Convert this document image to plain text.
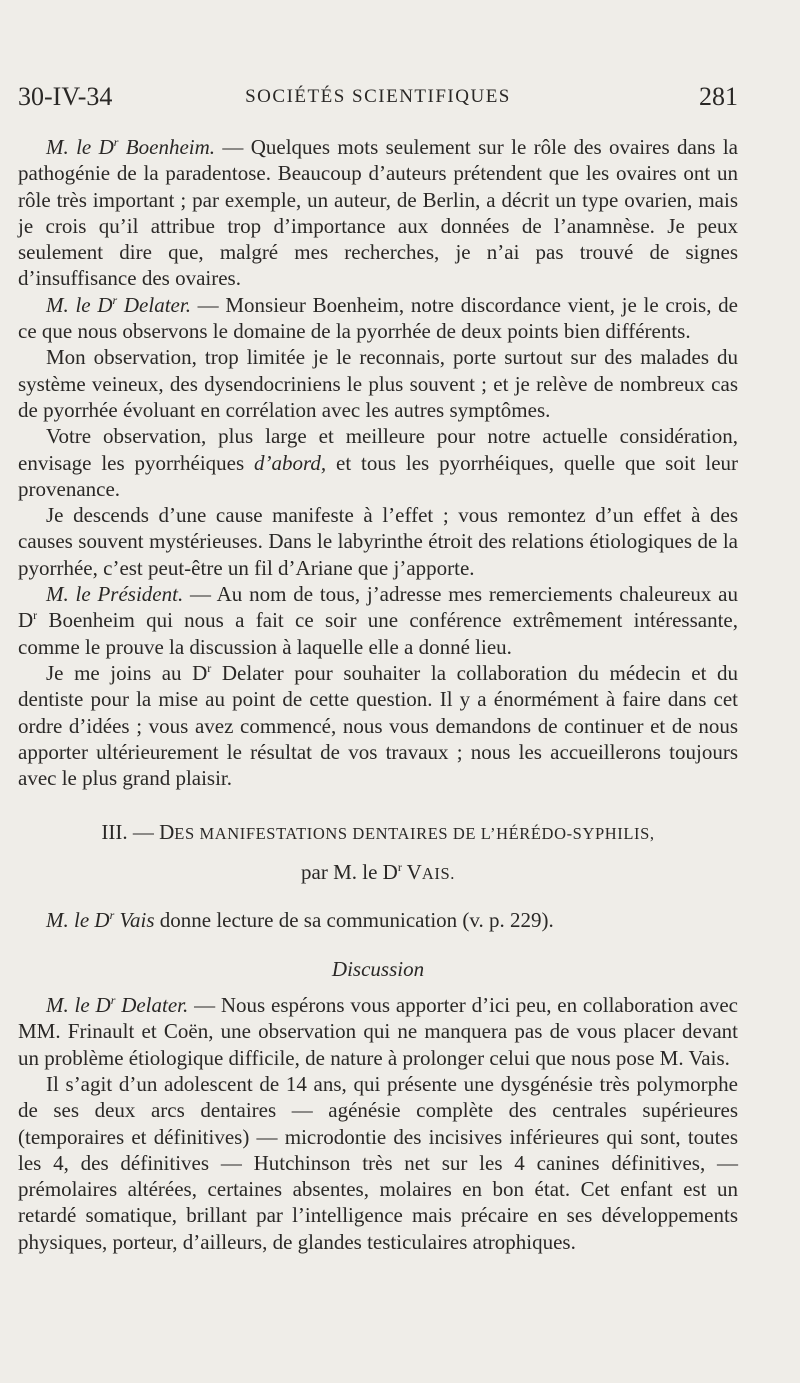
30-IV-34	SOCIÉTÉS SCIENTIFIQUES	281

M. le $D^r$ Boenheim. — Quelques mots seulement sur le rôle des ovaires dans la pathogénie de la paradentose. Beaucoup d’auteurs prétendent que les ovaires ont un rôle très important ; par exemple, un auteur, de Berlin, a décrit un type ovarien, mais je crois qu’il attribue trop d’importance aux données de l’anamnèse. Je peux seulement dire que, malgré mes recherches, je n’ai pas trouvé de signes d’insuffisance des ovaires.

M. le $D^r$ Delater. — Monsieur Boenheim, notre discordance vient, je le crois, de ce que nous observons le domaine de la pyorrhée de deux points bien différents.

Mon observation, trop limitée je le reconnais, porte surtout sur des malades du système veineux, des dysendocriniens le plus souvent ; et je relève de nombreux cas de pyorrhée évoluant en corrélation avec les autres symptômes.

Votre observation, plus large et meilleure pour notre actuelle considération, envisage les pyorrhéiques d’abord, et tous les pyorrhéiques, quelle que soit leur provenance.

Je descends d’une cause manifeste à l’effet ; vous remontez d’un effet à des causes souvent mystérieuses. Dans le labyrinthe étroit des relations étiologiques de la pyorrhée, c’est peut-être un fil d’Ariane que j’apporte.

M. le Président. — Au nom de tous, j’adresse mes remerciements chaleureux au $D^r$ Boenheim qui nous a fait ce soir une conférence extrêmement intéressante, comme le prouve la discussion à laquelle elle a donné lieu.

Je me joins au $D^r$ Delater pour souhaiter la collaboration du médecin et du dentiste pour la mise au point de cette question. Il y a énormément à faire dans cet ordre d’idées ; vous avez commencé, nous vous demandons de continuer et de nous apporter ultérieurement le résultat de vos travaux ; nous les accueillerons toujours avec le plus grand plaisir.

III. — DES MANIFESTATIONS DENTAIRES DE L’HÉRÉDO-SYPHILIS,
par M. le $D^r$ VAIS.

M. le $D^r$ Vais donne lecture de sa communication (v. p. 229).

Discussion

M. le $D^r$ Delater. — Nous espérons vous apporter d’ici peu, en collaboration avec MM. Frinault et Coën, une observation qui ne manquera pas de vous placer devant un problème étiologique difficile, de nature à prolonger celui que nous pose M. Vais.

Il s’agit d’un adolescent de 14 ans, qui présente une dysgénésie très polymorphe de ses deux arcs dentaires — agénésie complète des centrales supérieures (temporaires et définitives) — microdontie des incisives inférieures qui sont, toutes les 4, des définitives — Hutchinson très net sur les 4 canines définitives, — prémolaires altérées, certaines absentes, molaires en bon état. Cet enfant est un retardé somatique, brillant par l’intelligence mais précaire en ses développements physiques, porteur, d’ailleurs, de glandes testiculaires atrophiques.
